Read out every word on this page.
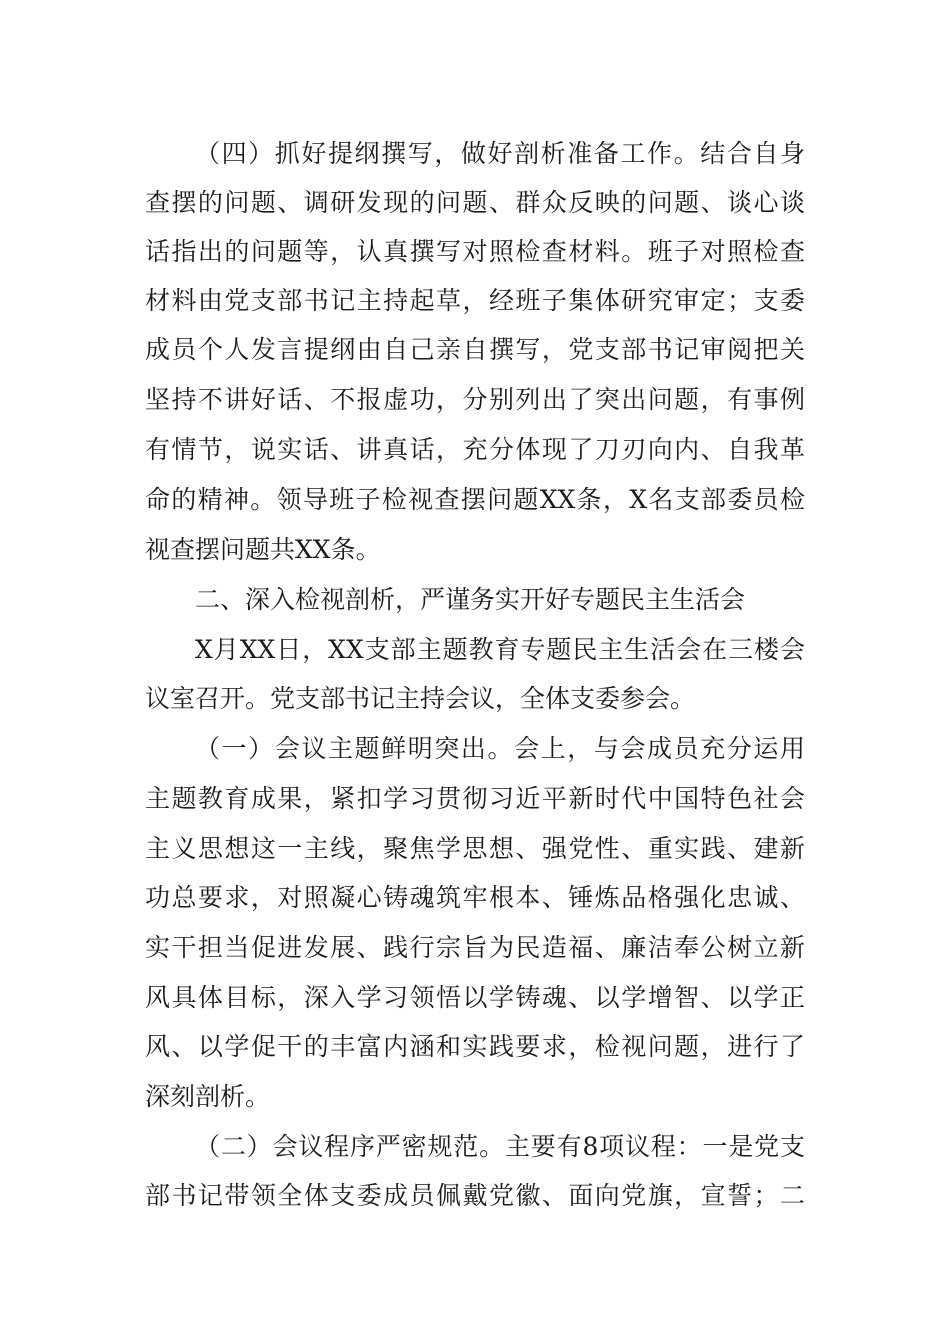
（四）抓好提纲撰写，做好剖析准备工作。结合自身
查摆的问题、调研发现的问题、群众反映的问题、谈心谈
话指出的问题等，认真撰写对照检查材料。班子对照检查
材料由党支部书记主持起草，经班子集体研究审定；支委
成员个人发言提纲由自己亲自撰写，党支部书记审阅把关
坚持不讲好话、不报虚功，分别列出了突出问题，有事例
有情节，说实话、讲真话，充分体现了刀刃向内、自我革
命的精神。领导班子检视查摆问题XX条，X名支部委员检
视查摆问题共XX条。
二、深入检视剖析，严谨务实开好专题民主生活会
X月XX日，XX支部主题教育专题民主生活会在三楼会
议室召开。党支部书记主持会议，全体支委参会。
（一）会议主题鲜明突出。会上，与会成员充分运用
主题教育成果，紧扣学习贯彻习近平新时代中国特色社会
主义思想这一主线，聚焦学思想、强党性、重实践、建新
功总要求，对照凝心铸魂筑牢根本、锤炼品格强化忠诚、
实干担当促进发展、践行宗旨为民造福、廉洁奉公树立新
风具体目标，深入学习领悟以学铸魂、以学增智、以学正
风、以学促干的丰富内涵和实践要求，检视问题，进行了
深刻剖析。
（二）会议程序严密规范。主要有8项议程：一是党支
部书记带领全体支委成员佩戴党徽、面向党旗，宣誓；二
